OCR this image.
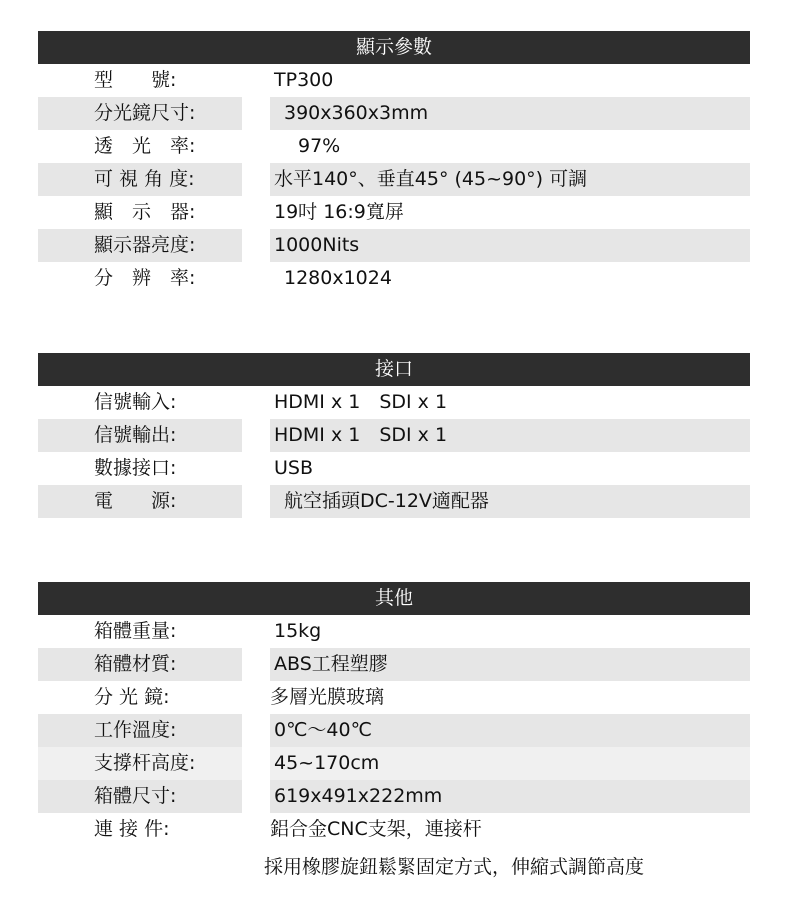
顯示參數
型　　號:	TP300
分光鏡尺寸:	390x360x3mm
透　光　率:	97%
可 視 角 度:	水平140°、垂直45° (45~90°) 可調
顯　示　器:	19吋 16:9寬屏
顯示器亮度:	1000Nits
分　辨　率:	1280x1024
接口
信號輸入:	HDMI x 1　SDI x 1
信號輸出:	HDMI x 1　SDI x 1
數據接口:	USB
電　　源:	航空插頭DC-12V適配器
其他
箱體重量:	15kg
箱體材質:	ABS工程塑膠
分 光 鏡:	多層光膜玻璃
工作溫度:	0℃～40℃
支撐杆高度:	45~170cm
箱體尺寸:	619x491x222mm
連 接 件:	鋁合金CNC支架，連接杆
採用橡膠旋鈕鬆緊固定方式，伸縮式調節高度
